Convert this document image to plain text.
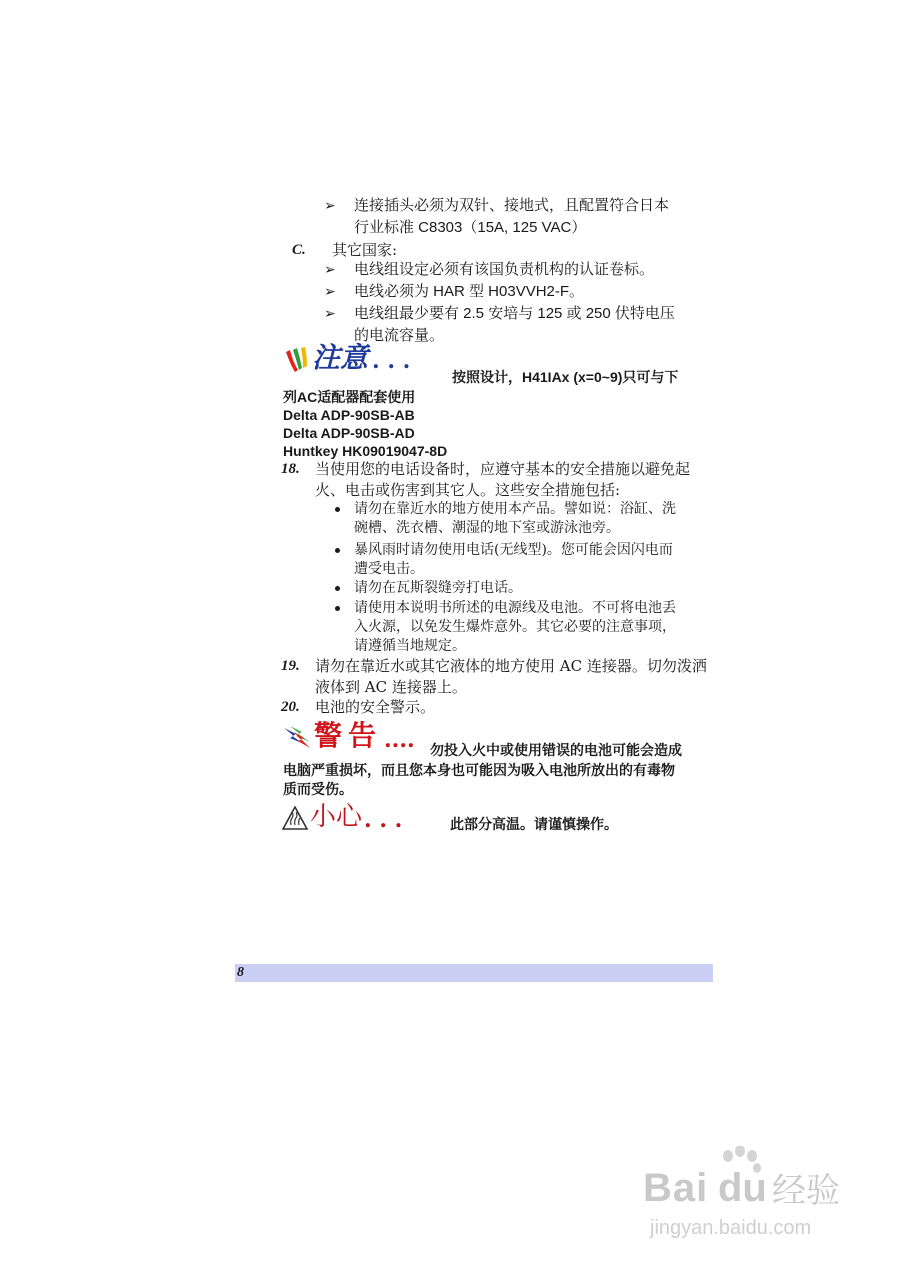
➢ 连接插头必须为双针、接地式，且配置符合日本
行业标准 C8303（15A, 125 VAC）
C. 其它国家:
➢ 电线组设定必须有该国负责机构的认证卷标。
➢ 电线必须为 HAR 型 H03VVH2-F。
➢ 电线组最少要有 2.5 安培与 125 或 250 伏特电压
的电流容量。
注意 . . .
按照设计，H41IAx (x=0~9)只可与下
列AC适配器配套使用
Delta ADP-90SB-AB
Delta ADP-90SB-AD
Huntkey HK09019047-8D
18. 当使用您的电话设备时，应遵守基本的安全措施以避免起
火、电击或伤害到其它人。这些安全措施包括:
请勿在靠近水的地方使用本产品。譬如说：浴缸、洗
碗槽、洗衣槽、潮湿的地下室或游泳池旁。
暴风雨时请勿使用电话(无线型)。您可能会因闪电而
遭受电击。
请勿在瓦斯裂缝旁打电话。
请使用本说明书所述的电源线及电池。不可将电池丢
入火源，以免发生爆炸意外。其它必要的注意事项，
请遵循当地规定。
19. 请勿在靠近水或其它液体的地方使用 AC 连接器。切勿泼洒
液体到 AC 连接器上。
20. 电池的安全警示。
警告 .... 勿投入火中或使用错误的电池可能会造成
电脑严重损坏，而且您本身也可能因为吸入电池所放出的有毒物
质而受伤。
小心 . . .	此部分高温。请谨慎操作。
8
Bai du 经验
jingyan.baidu.com
